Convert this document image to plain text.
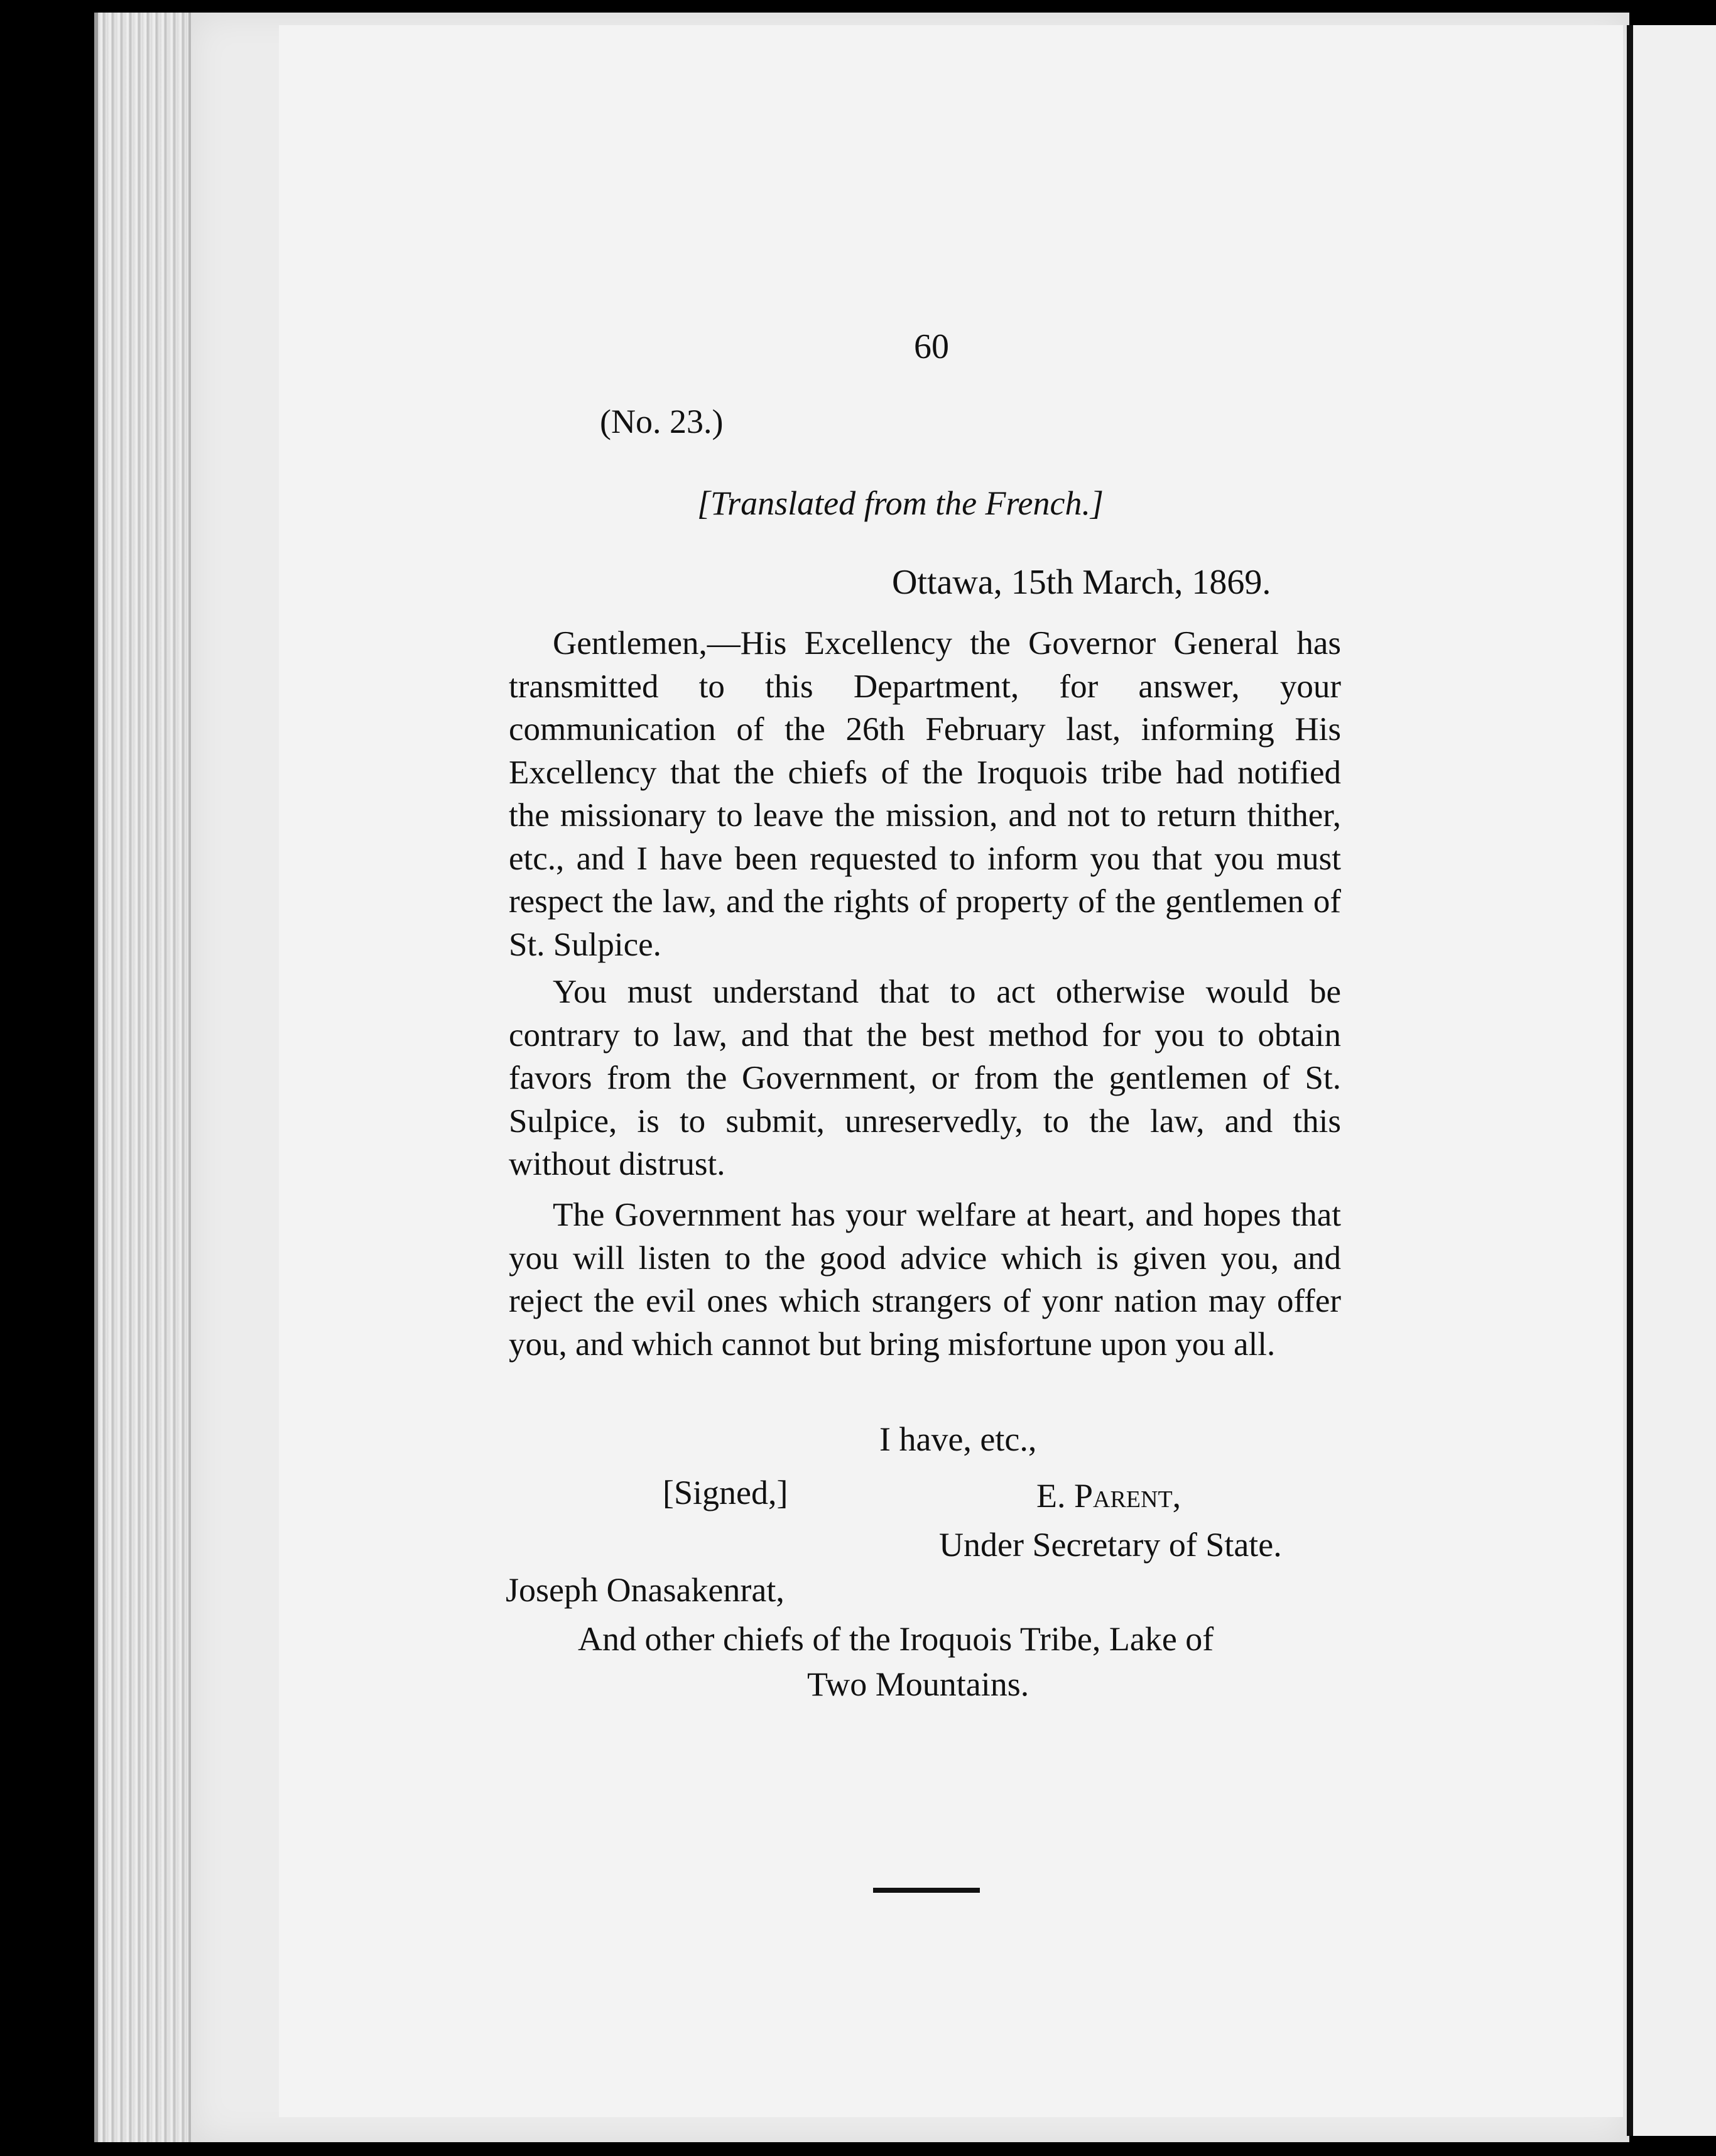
60
(No. 23.)
[Translated from the French.]
Ottawa, 15th March, 1869.

Gentlemen,—His Excellency the Governor General has transmitted to this Department, for answer, your communication of the 26th February last, informing His Excellency that the chiefs of the Iroquois tribe had notified the missionary to leave the mission, and not to return thither, etc., and I have been requested to inform you that you must respect the law, and the rights of property of the gentlemen of St. Sulpice.

You must understand that to act otherwise would be contrary to law, and that the best method for you to obtain favors from the Government, or from the gentlemen of St. Sulpice, is to submit, unreservedly, to the law, and this without distrust.

The Government has your welfare at heart, and hopes that you will listen to the good advice which is given you, and reject the evil ones which strangers of yonr nation may offer you, and which cannot but bring misfortune upon you all.

I have, etc.,
[Signed,]	E. Parent,
Under Secretary of State.
Joseph Onasakenrat,
And other chiefs of the Iroquois Tribe, Lake of
Two Mountains.
